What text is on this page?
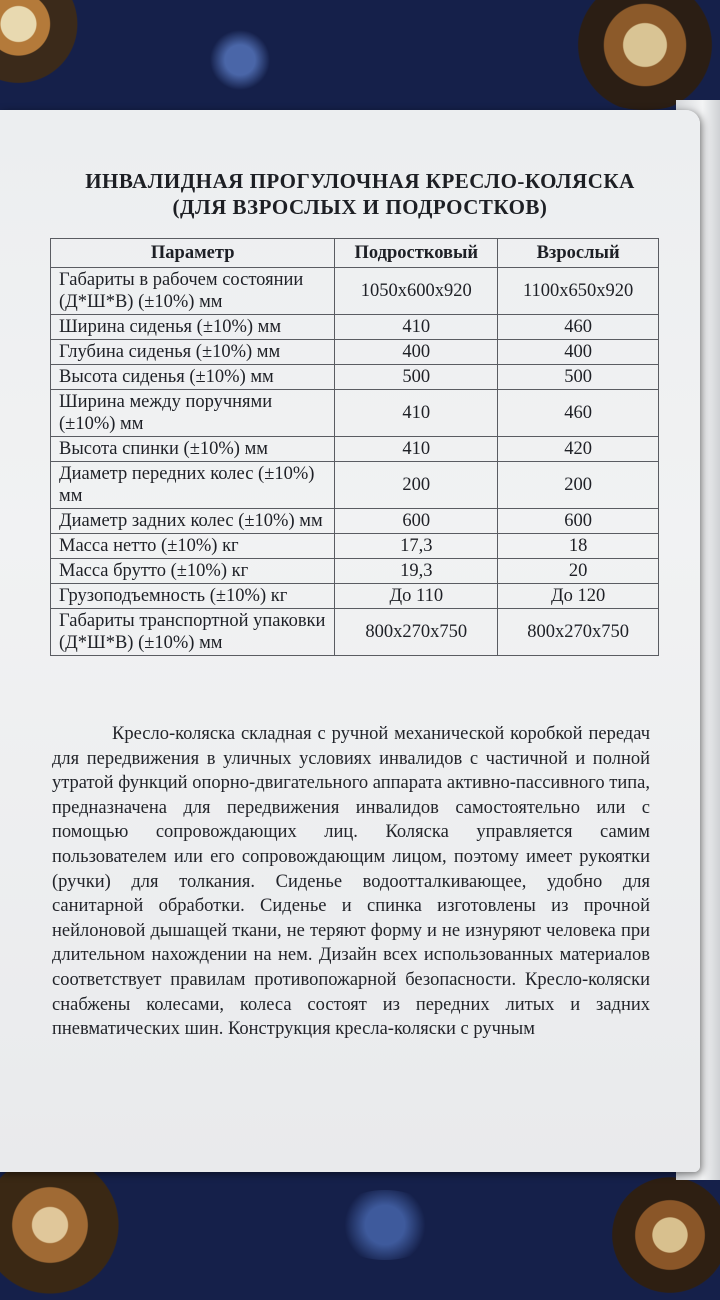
ИНВАЛИДНАЯ ПРОГУЛОЧНАЯ КРЕСЛО-КОЛЯСКА
(ДЛЯ ВЗРОСЛЫХ И ПОДРОСТКОВ)
Параметр	Подростковый	Взрослый
Габариты в рабочем состоянии (Д*Ш*В) (±10%) мм	1050x600x920	1100x650x920
Ширина сиденья (±10%) мм	410	460
Глубина сиденья (±10%) мм	400	400
Высота сиденья (±10%) мм	500	500
Ширина между поручнями (±10%) мм	410	460
Высота спинки (±10%) мм	410	420
Диаметр передних колес (±10%) мм	200	200
Диаметр задних колес (±10%) мм	600	600
Масса нетто (±10%) кг	17,3	18
Масса брутто (±10%) кг	19,3	20
Грузоподъемность (±10%) кг	До 110	До 120
Габариты транспортной упаковки (Д*Ш*В) (±10%) мм	800x270x750	800x270x750

Кресло-коляска складная с ручной механической коробкой передач для передвижения в уличных условиях инвалидов с частичной и полной утратой функций опорно-двигательного аппарата активно-пассивного типа, предназначена для передвижения инвалидов самостоятельно или с помощью сопровождающих лиц. Коляска управляется самим пользователем или его сопровождающим лицом, поэтому имеет рукоятки (ручки) для толкания. Сиденье водоотталкивающее, удобно для санитарной обработки. Сиденье и спинка изготовлены из прочной нейлоновой дышащей ткани, не теряют форму и не изнуряют человека при длительном нахождении на нем. Дизайн всех использованных материалов соответствует правилам противопожарной безопасности. Кресло-коляски снабжены колесами, колеса состоят из передних литых и задних пневматических шин. Конструкция кресла-коляски с ручным
